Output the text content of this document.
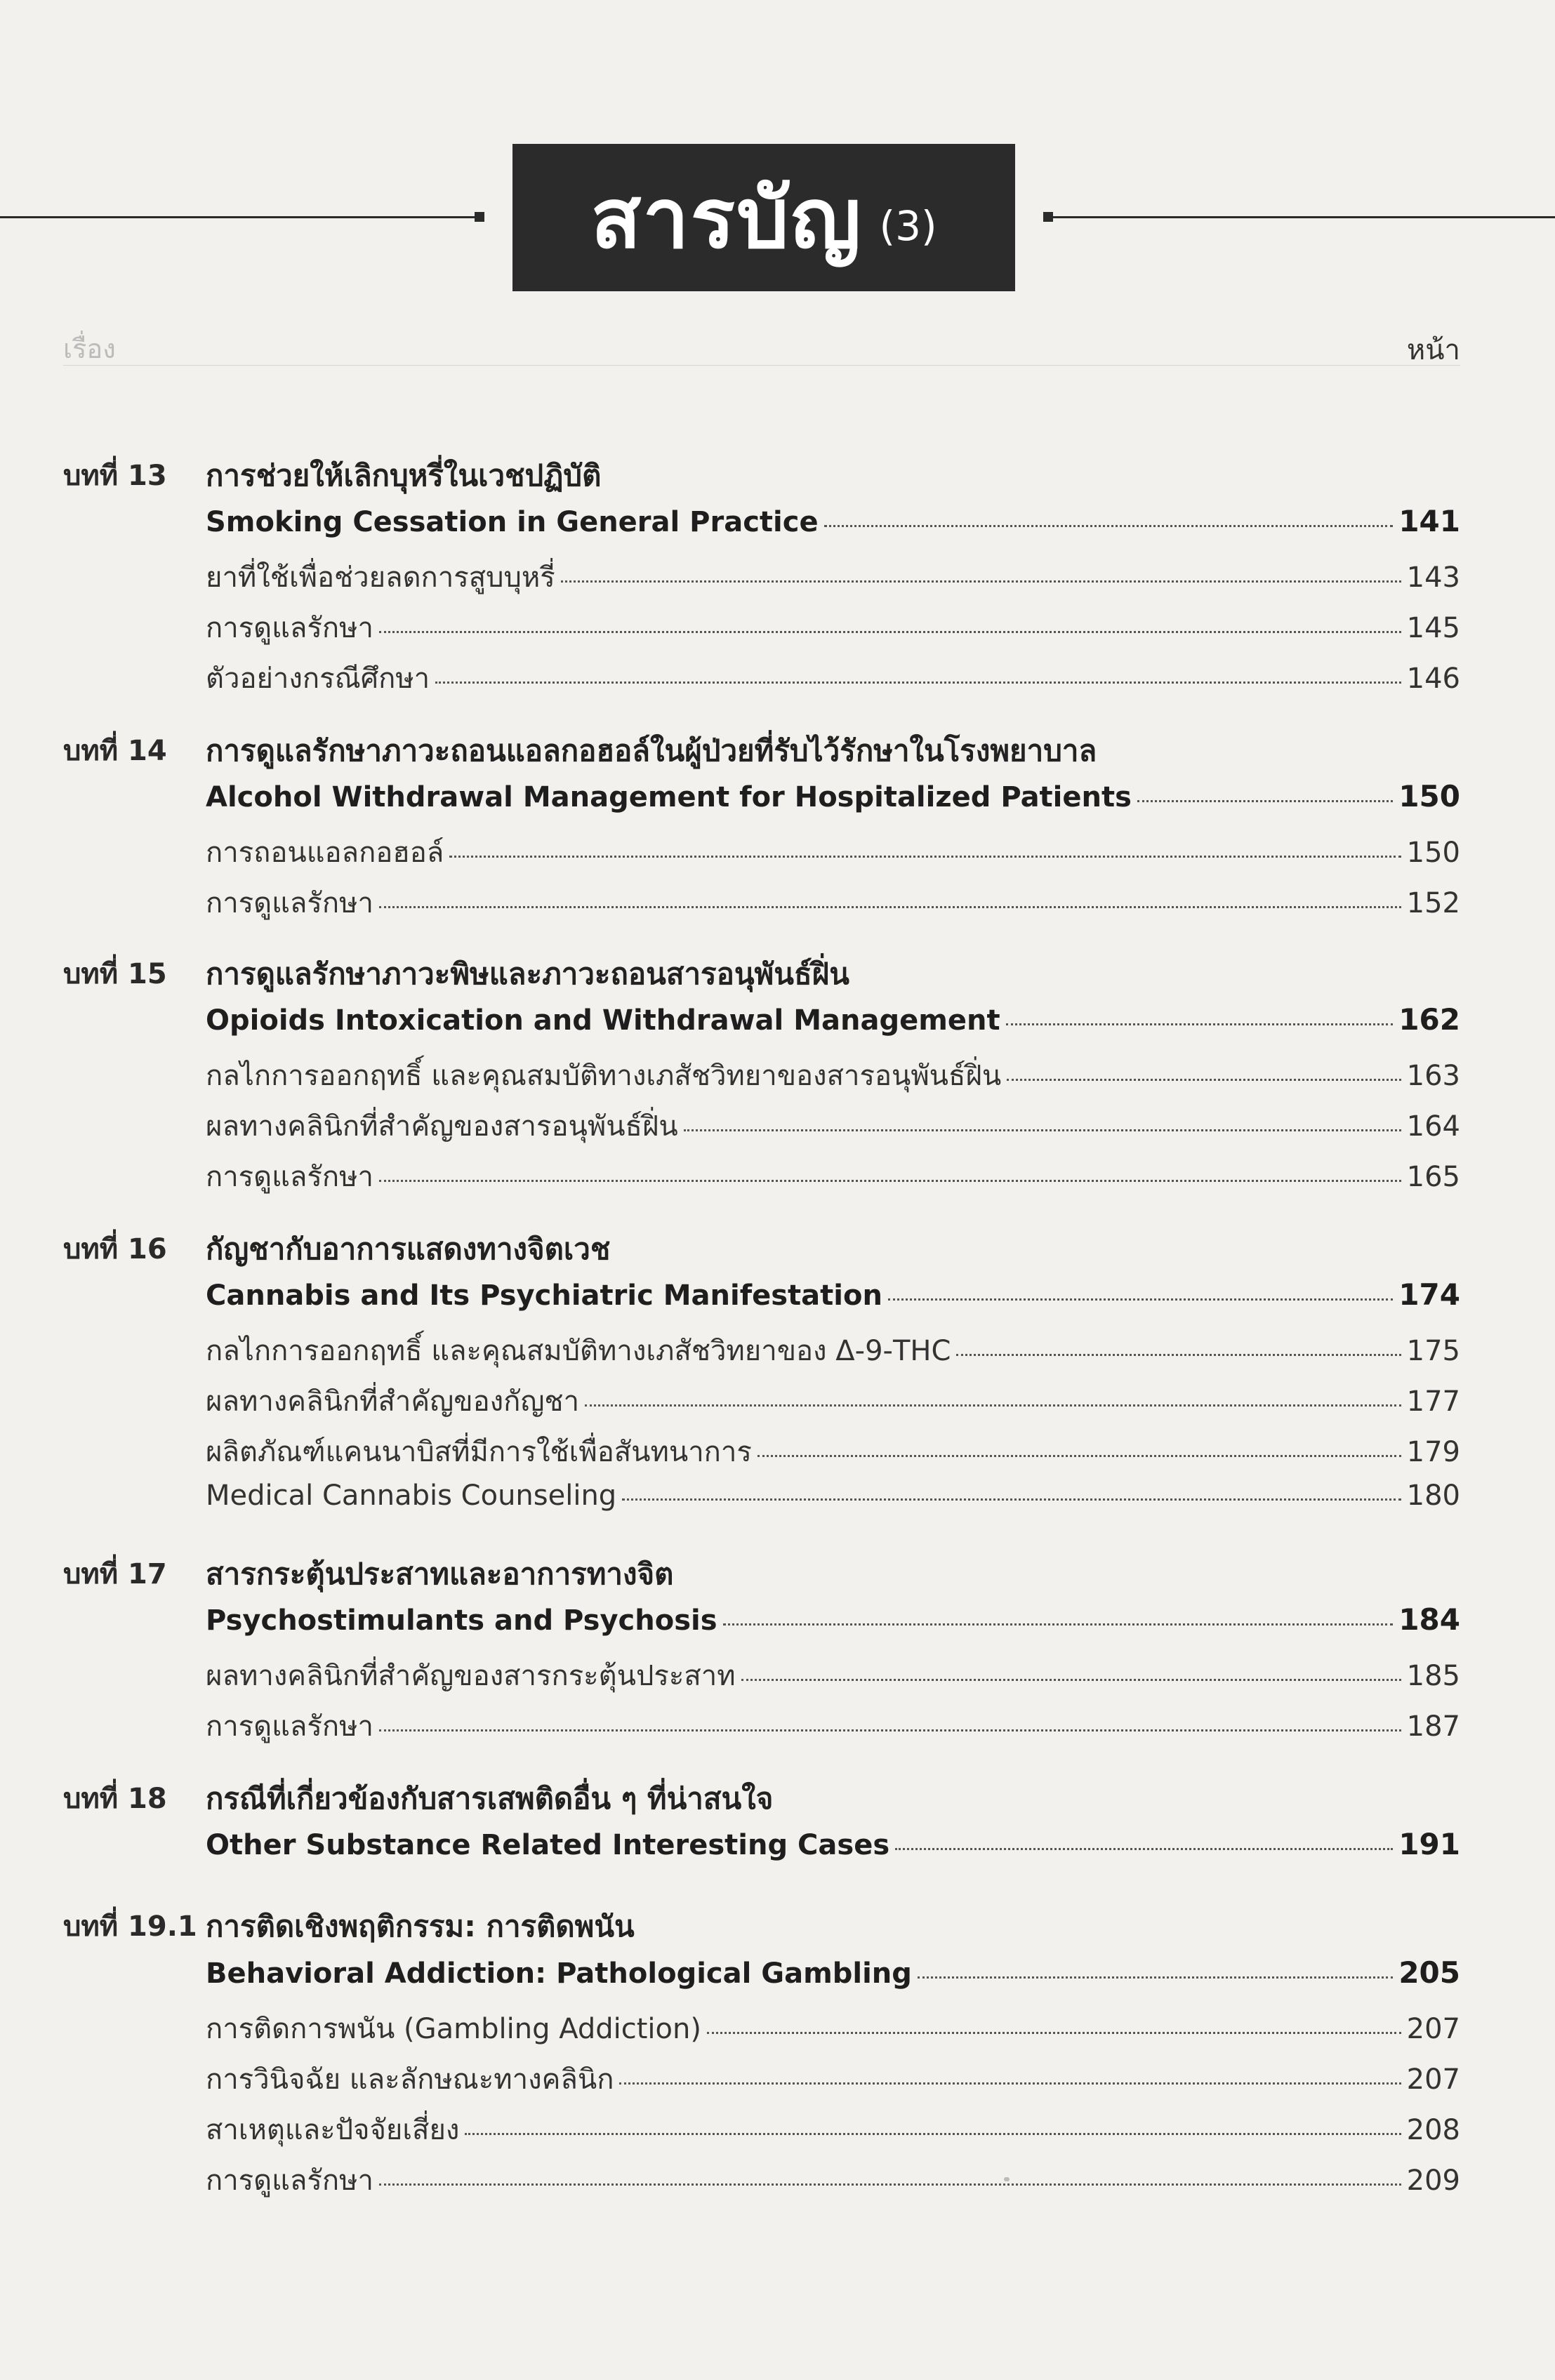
สารบัญ (3)
เรื่อง	หน้า
บทที่ 13 การช่วยให้เลิกบุหรี่ในเวชปฏิบัติ
Smoking Cessation in General Practice	141
ยาที่ใช้เพื่อช่วยลดการสูบบุหรี่	143
การดูแลรักษา	145
ตัวอย่างกรณีศึกษา	146
บทที่ 14 การดูแลรักษาภาวะถอนแอลกอฮอล์ในผู้ป่วยที่รับไว้รักษาในโรงพยาบาล
Alcohol Withdrawal Management for Hospitalized Patients	150
การถอนแอลกอฮอล์	150
การดูแลรักษา	152
บทที่ 15 การดูแลรักษาภาวะพิษและภาวะถอนสารอนุพันธ์ฝิ่น
Opioids Intoxication and Withdrawal Management	162
กลไกการออกฤทธิ์ และคุณสมบัติทางเภสัชวิทยาของสารอนุพันธ์ฝิ่น	163
ผลทางคลินิกที่สำคัญของสารอนุพันธ์ฝิ่น	164
การดูแลรักษา	165
บทที่ 16 กัญชากับอาการแสดงทางจิตเวช
Cannabis and Its Psychiatric Manifestation	174
กลไกการออกฤทธิ์ และคุณสมบัติทางเภสัชวิทยาของ Δ-9-THC	175
ผลทางคลินิกที่สำคัญของกัญชา	177
ผลิตภัณฑ์แคนนาบิสที่มีการใช้เพื่อสันทนาการ	179
Medical Cannabis Counseling	180
บทที่ 17 สารกระตุ้นประสาทและอาการทางจิต
Psychostimulants and Psychosis	184
ผลทางคลินิกที่สำคัญของสารกระตุ้นประสาท	185
การดูแลรักษา	187
บทที่ 18 กรณีที่เกี่ยวข้องกับสารเสพติดอื่น ๆ ที่น่าสนใจ
Other Substance Related Interesting Cases	191
บทที่ 19.1 การติดเชิงพฤติกรรม: การติดพนัน
Behavioral Addiction: Pathological Gambling	205
การติดการพนัน (Gambling Addiction)	207
การวินิจฉัย และลักษณะทางคลินิก	207
สาเหตุและปัจจัยเสี่ยง	208
การดูแลรักษา	209
